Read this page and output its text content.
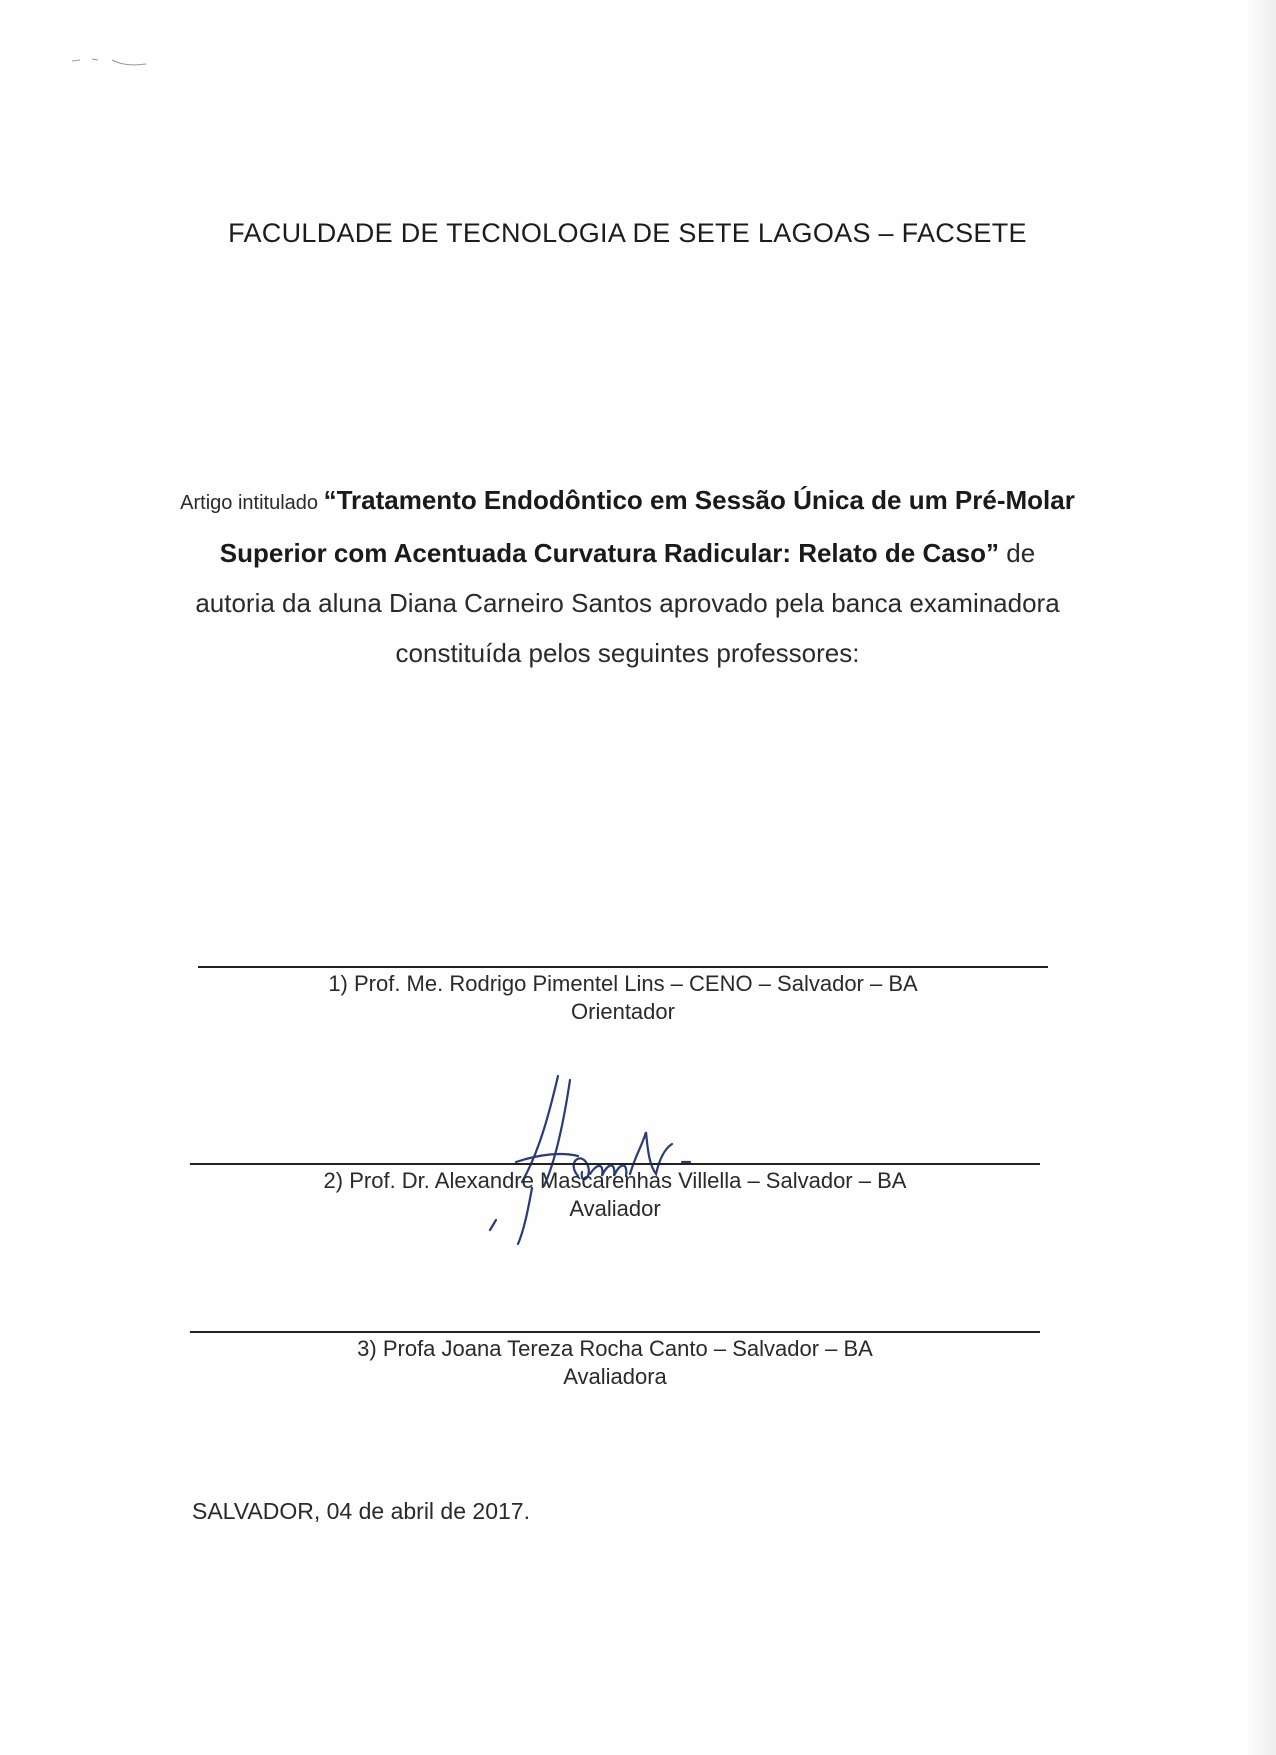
FACULDADE DE TECNOLOGIA DE SETE LAGOAS – FACSETE
Artigo intitulado “Tratamento Endodôntico em Sessão Única de um Pré-Molar Superior com Acentuada Curvatura Radicular: Relato de Caso” de autoria da aluna Diana Carneiro Santos aprovado pela banca examinadora constituída pelos seguintes professores:
1) Prof. Me. Rodrigo Pimentel Lins – CENO – Salvador – BA
Orientador
2) Prof. Dr. Alexandre Mascarenhas Villella – Salvador – BA
Avaliador
3) Profa Joana Tereza Rocha Canto – Salvador – BA
Avaliadora
SALVADOR, 04 de abril de 2017.
